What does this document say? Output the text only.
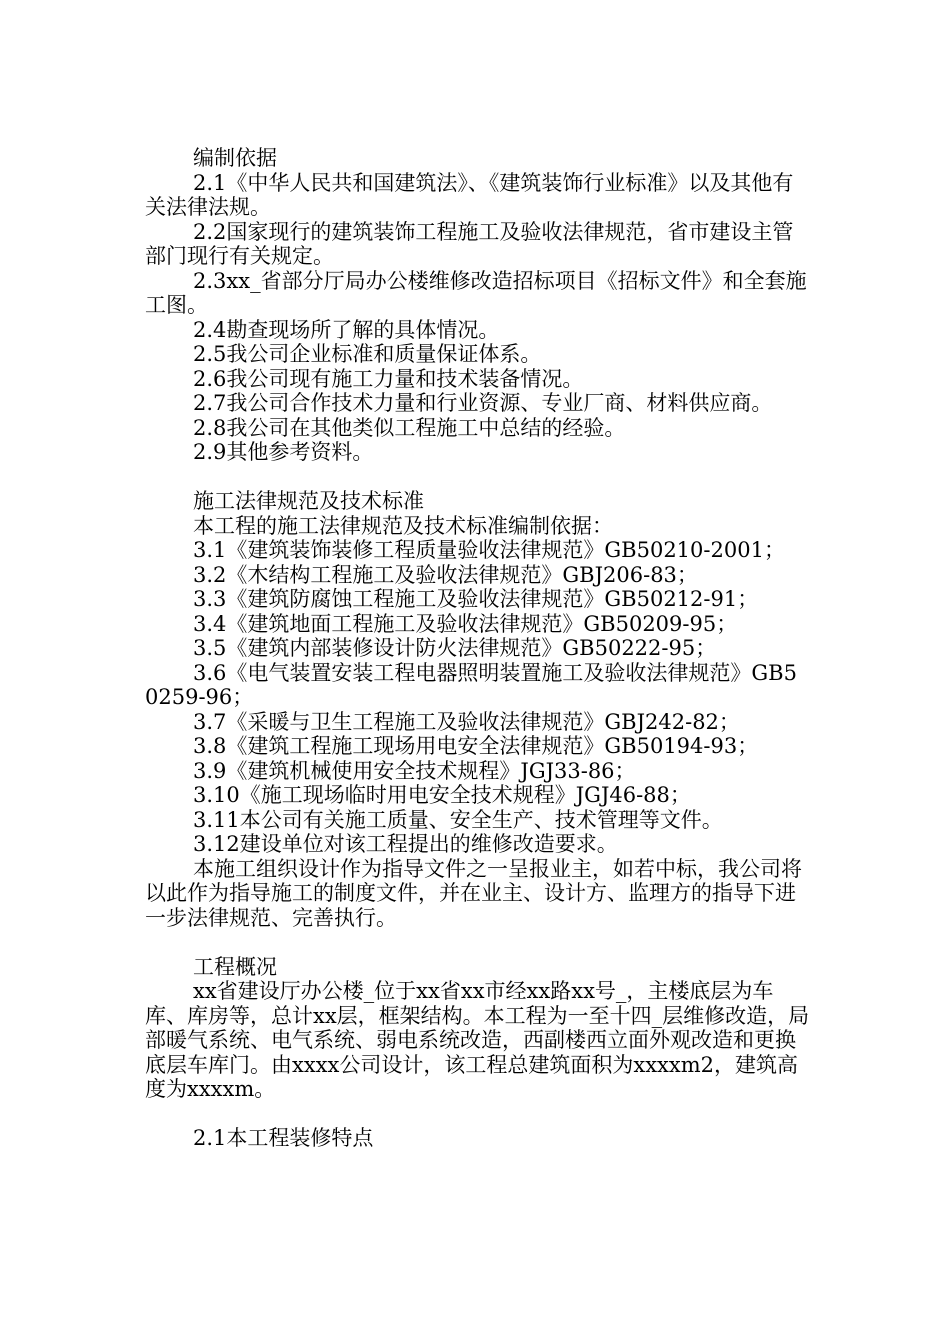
编制依据

2.1《中华人民共和国建筑法》、《建筑装饰行业标准》以及其他有关法律法规。

2.2国家现行的建筑装饰工程施工及验收法律规范，省市建设主管部门现行有关规定。

2.3xx_省部分厅局办公楼维修改造招标项目《招标文件》和全套施工图。

2.4勘查现场所了解的具体情况。

2.5我公司企业标准和质量保证体系。

2.6我公司现有施工力量和技术装备情况。

2.7我公司合作技术力量和行业资源、专业厂商、材料供应商。

2.8我公司在其他类似工程施工中总结的经验。

2.9其他参考资料。

施工法律规范及技术标准

本工程的施工法律规范及技术标准编制依据：

3.1《建筑装饰装修工程质量验收法律规范》GB50210-2001；

3.2《木结构工程施工及验收法律规范》GBJ206-83；

3.3《建筑防腐蚀工程施工及验收法律规范》GB50212-91；

3.4《建筑地面工程施工及验收法律规范》GB50209-95；

3.5《建筑内部装修设计防火法律规范》GB50222-95；

3.6《电气装置安装工程电器照明装置施工及验收法律规范》GB50259-96；

3.7《采暖与卫生工程施工及验收法律规范》GBJ242-82；

3.8《建筑工程施工现场用电安全法律规范》GB50194-93；

3.9《建筑机械使用安全技术规程》JGJ33-86；

3.10《施工现场临时用电安全技术规程》JGJ46-88；

3.11本公司有关施工质量、安全生产、技术管理等文件。

3.12建设单位对该工程提出的维修改造要求。

本施工组织设计作为指导文件之一呈报业主，如若中标，我公司将以此作为指导施工的制度文件，并在业主、设计方、监理方的指导下进一步法律规范、完善执行。

工程概况

xx省建设厅办公楼_位于xx省xx市经xx路xx号_，主楼底层为车库、库房等，总计xx层，框架结构。本工程为一至十四_层维修改造，局部暖气系统、电气系统、弱电系统改造，西副楼西立面外观改造和更换底层车库门。由xxxx公司设计，该工程总建筑面积为xxxxm2，建筑高度为xxxxm。

2.1本工程装修特点
